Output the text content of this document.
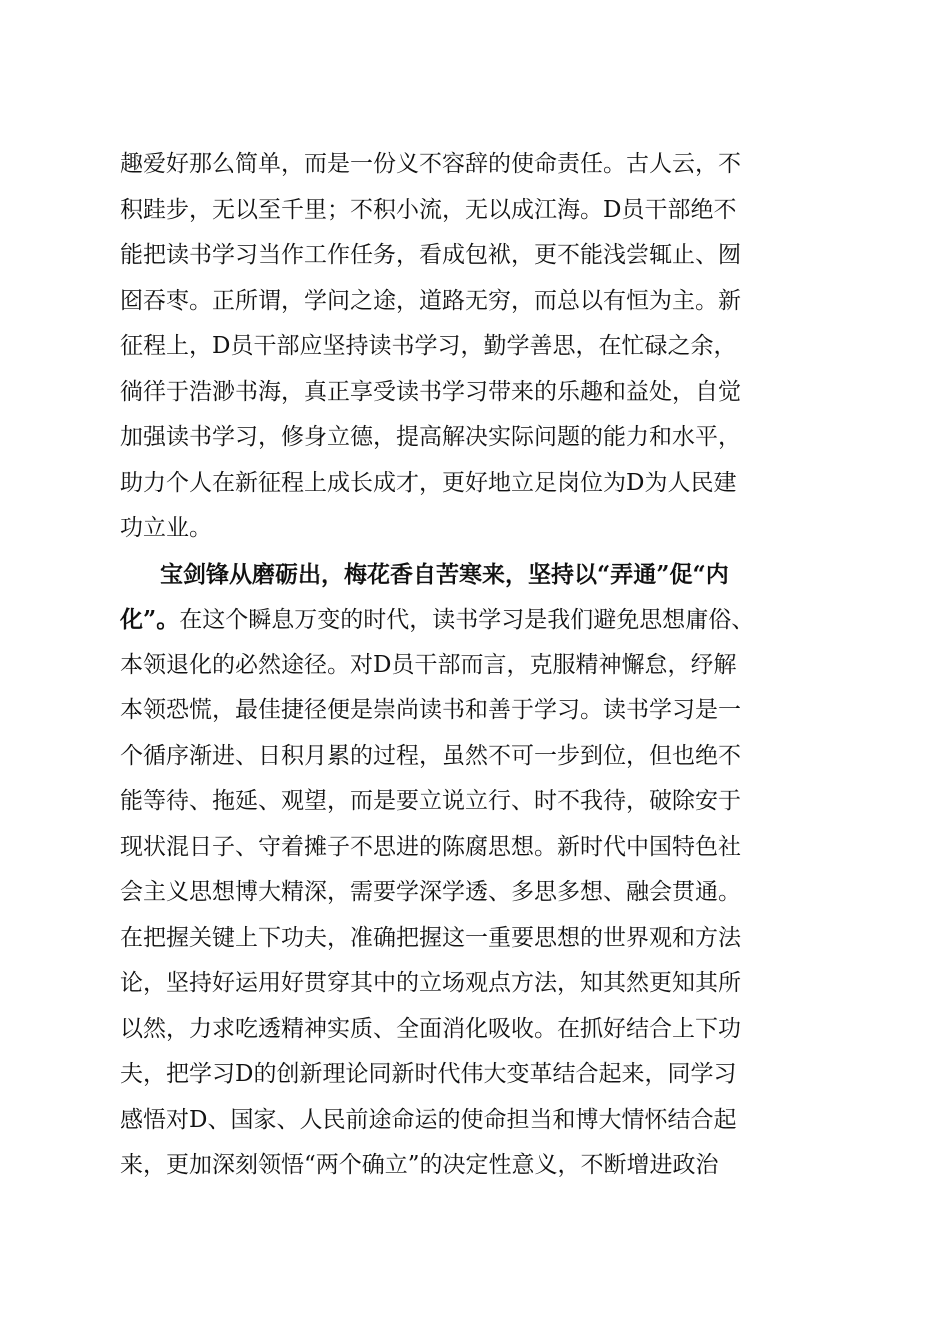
趣爱好那么简单，而是一份义不容辞的使命责任。古人云，不
积跬步，无以至千里；不积小流，无以成江海。D员干部绝不
能把读书学习当作工作任务，看成包袱，更不能浅尝辄止、囫
囵吞枣。正所谓，学问之途，道路无穷，而总以有恒为主。新
征程上，D员干部应坚持读书学习，勤学善思，在忙碌之余，
徜徉于浩渺书海，真正享受读书学习带来的乐趣和益处，自觉
加强读书学习，修身立德，提高解决实际问题的能力和水平，
助力个人在新征程上成长成才，更好地立足岗位为D为人民建
功立业。
宝剑锋从磨砺出，梅花香自苦寒来，坚持以“弄通”促“内
化”。在这个瞬息万变的时代，读书学习是我们避免思想庸俗、
本领退化的必然途径。对D员干部而言，克服精神懈怠，纾解
本领恐慌，最佳捷径便是崇尚读书和善于学习。读书学习是一
个循序渐进、日积月累的过程，虽然不可一步到位，但也绝不
能等待、拖延、观望，而是要立说立行、时不我待，破除安于
现状混日子、守着摊子不思进的陈腐思想。新时代中国特色社
会主义思想博大精深，需要学深学透、多思多想、融会贯通。
在把握关键上下功夫，准确把握这一重要思想的世界观和方法
论，坚持好运用好贯穿其中的立场观点方法，知其然更知其所
以然，力求吃透精神实质、全面消化吸收。在抓好结合上下功
夫，把学习D的创新理论同新时代伟大变革结合起来，同学习
感悟对D、国家、人民前途命运的使命担当和博大情怀结合起
来，更加深刻领悟“两个确立”的决定性意义，不断增进政治
